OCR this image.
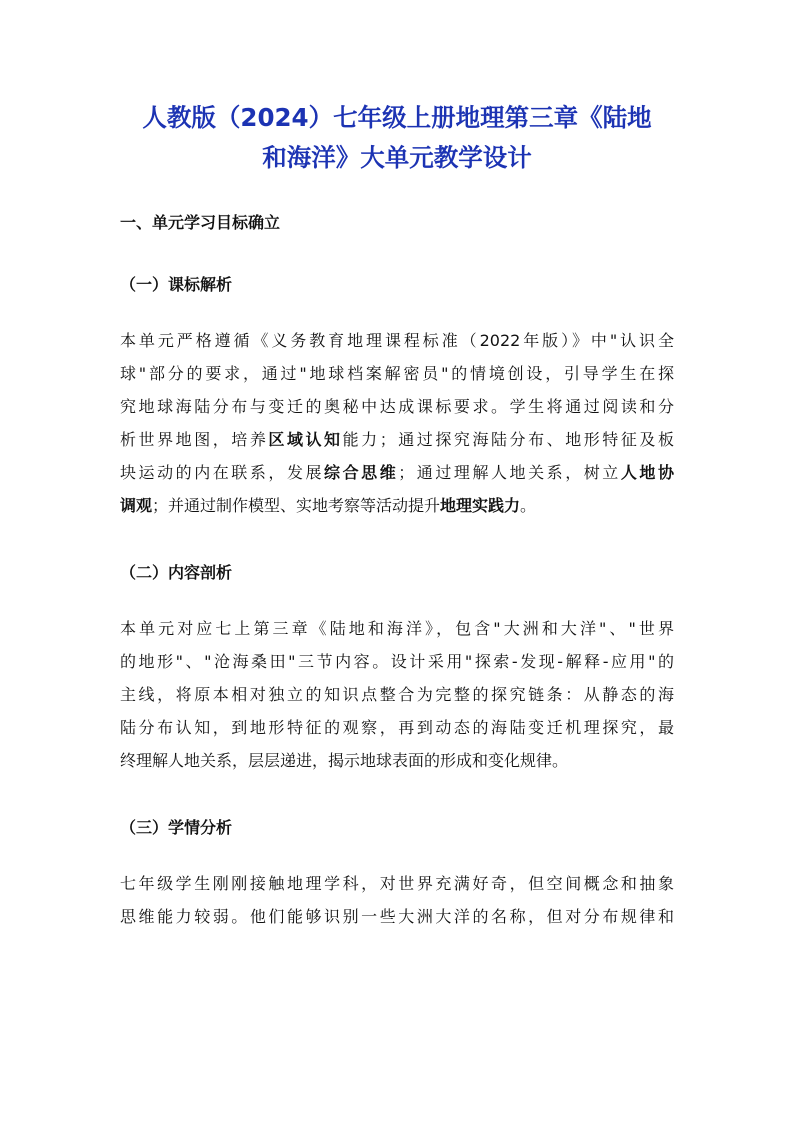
人教版（2024）七年级上册地理第三章《陆地
和海洋》大单元教学设计
一、单元学习目标确立
（一）课标解析
本单元严格遵循《义务教育地理课程标准（2022年版）》中"认识全
球"部分的要求，通过"地球档案解密员"的情境创设，引导学生在探
究地球海陆分布与变迁的奥秘中达成课标要求。学生将通过阅读和分
析世界地图，培养区域认知能力；通过探究海陆分布、地形特征及板
块运动的内在联系，发展综合思维；通过理解人地关系，树立人地协
调观；并通过制作模型、实地考察等活动提升地理实践力。
（二）内容剖析
本单元对应七上第三章《陆地和海洋》，包含"大洲和大洋"、"世界
的地形"、"沧海桑田"三节内容。设计采用"探索-发现-解释-应用"的
主线，将原本相对独立的知识点整合为完整的探究链条：从静态的海
陆分布认知，到地形特征的观察，再到动态的海陆变迁机理探究，最
终理解人地关系，层层递进，揭示地球表面的形成和变化规律。
（三）学情分析
七年级学生刚刚接触地理学科，对世界充满好奇，但空间概念和抽象
思维能力较弱。他们能够识别一些大洲大洋的名称，但对分布规律和
